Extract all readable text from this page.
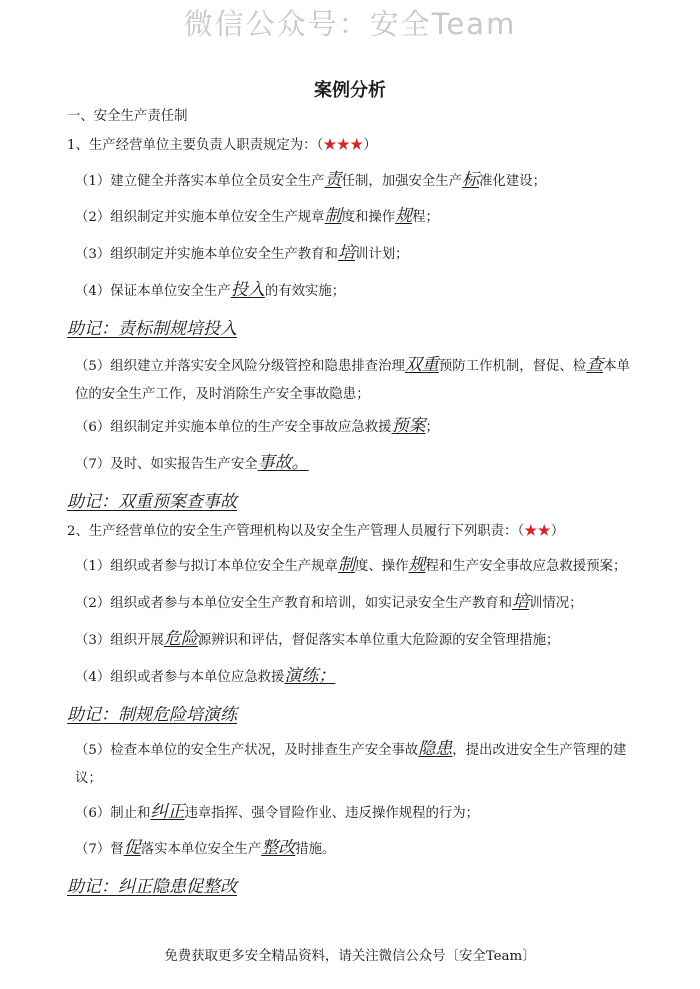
微信公众号：安全Team
案例分析
一、安全生产责任制
1、生产经营单位主要负责人职责规定为：（★★★）
（1）建立健全并落实本单位全员安全生产责任制，加强安全生产标准化建设；
（2）组织制定并实施本单位安全生产规章制度和操作规程；
（3）组织制定并实施本单位安全生产教育和培训计划；
（4）保证本单位安全生产投入的有效实施；
助记：责标制规培投入
（5）组织建立并落实安全风险分级管控和隐患排查治理双重预防工作机制，督促、检查本单位的安全生产工作，及时消除生产安全事故隐患；
（6）组织制定并实施本单位的生产安全事故应急救援预案；
（7）及时、如实报告生产安全事故。
助记：双重预案查事故
2、生产经营单位的安全生产管理机构以及安全生产管理人员履行下列职责：（★★）
（1）组织或者参与拟订本单位安全生产规章制度、操作规程和生产安全事故应急救援预案；
（2）组织或者参与本单位安全生产教育和培训，如实记录安全生产教育和培训情况；
（3）组织开展危险源辨识和评估，督促落实本单位重大危险源的安全管理措施；
（4）组织或者参与本单位应急救援演练；
助记：制规危险培演练
（5）检查本单位的安全生产状况，及时排查生产安全事故隐患，提出改进安全生产管理的建议；
（6）制止和纠正违章指挥、强令冒险作业、违反操作规程的行为；
（7）督促落实本单位安全生产整改措施。
助记：纠正隐患促整改
免费获取更多安全精品资料，请关注微信公众号〔安全Team〕
